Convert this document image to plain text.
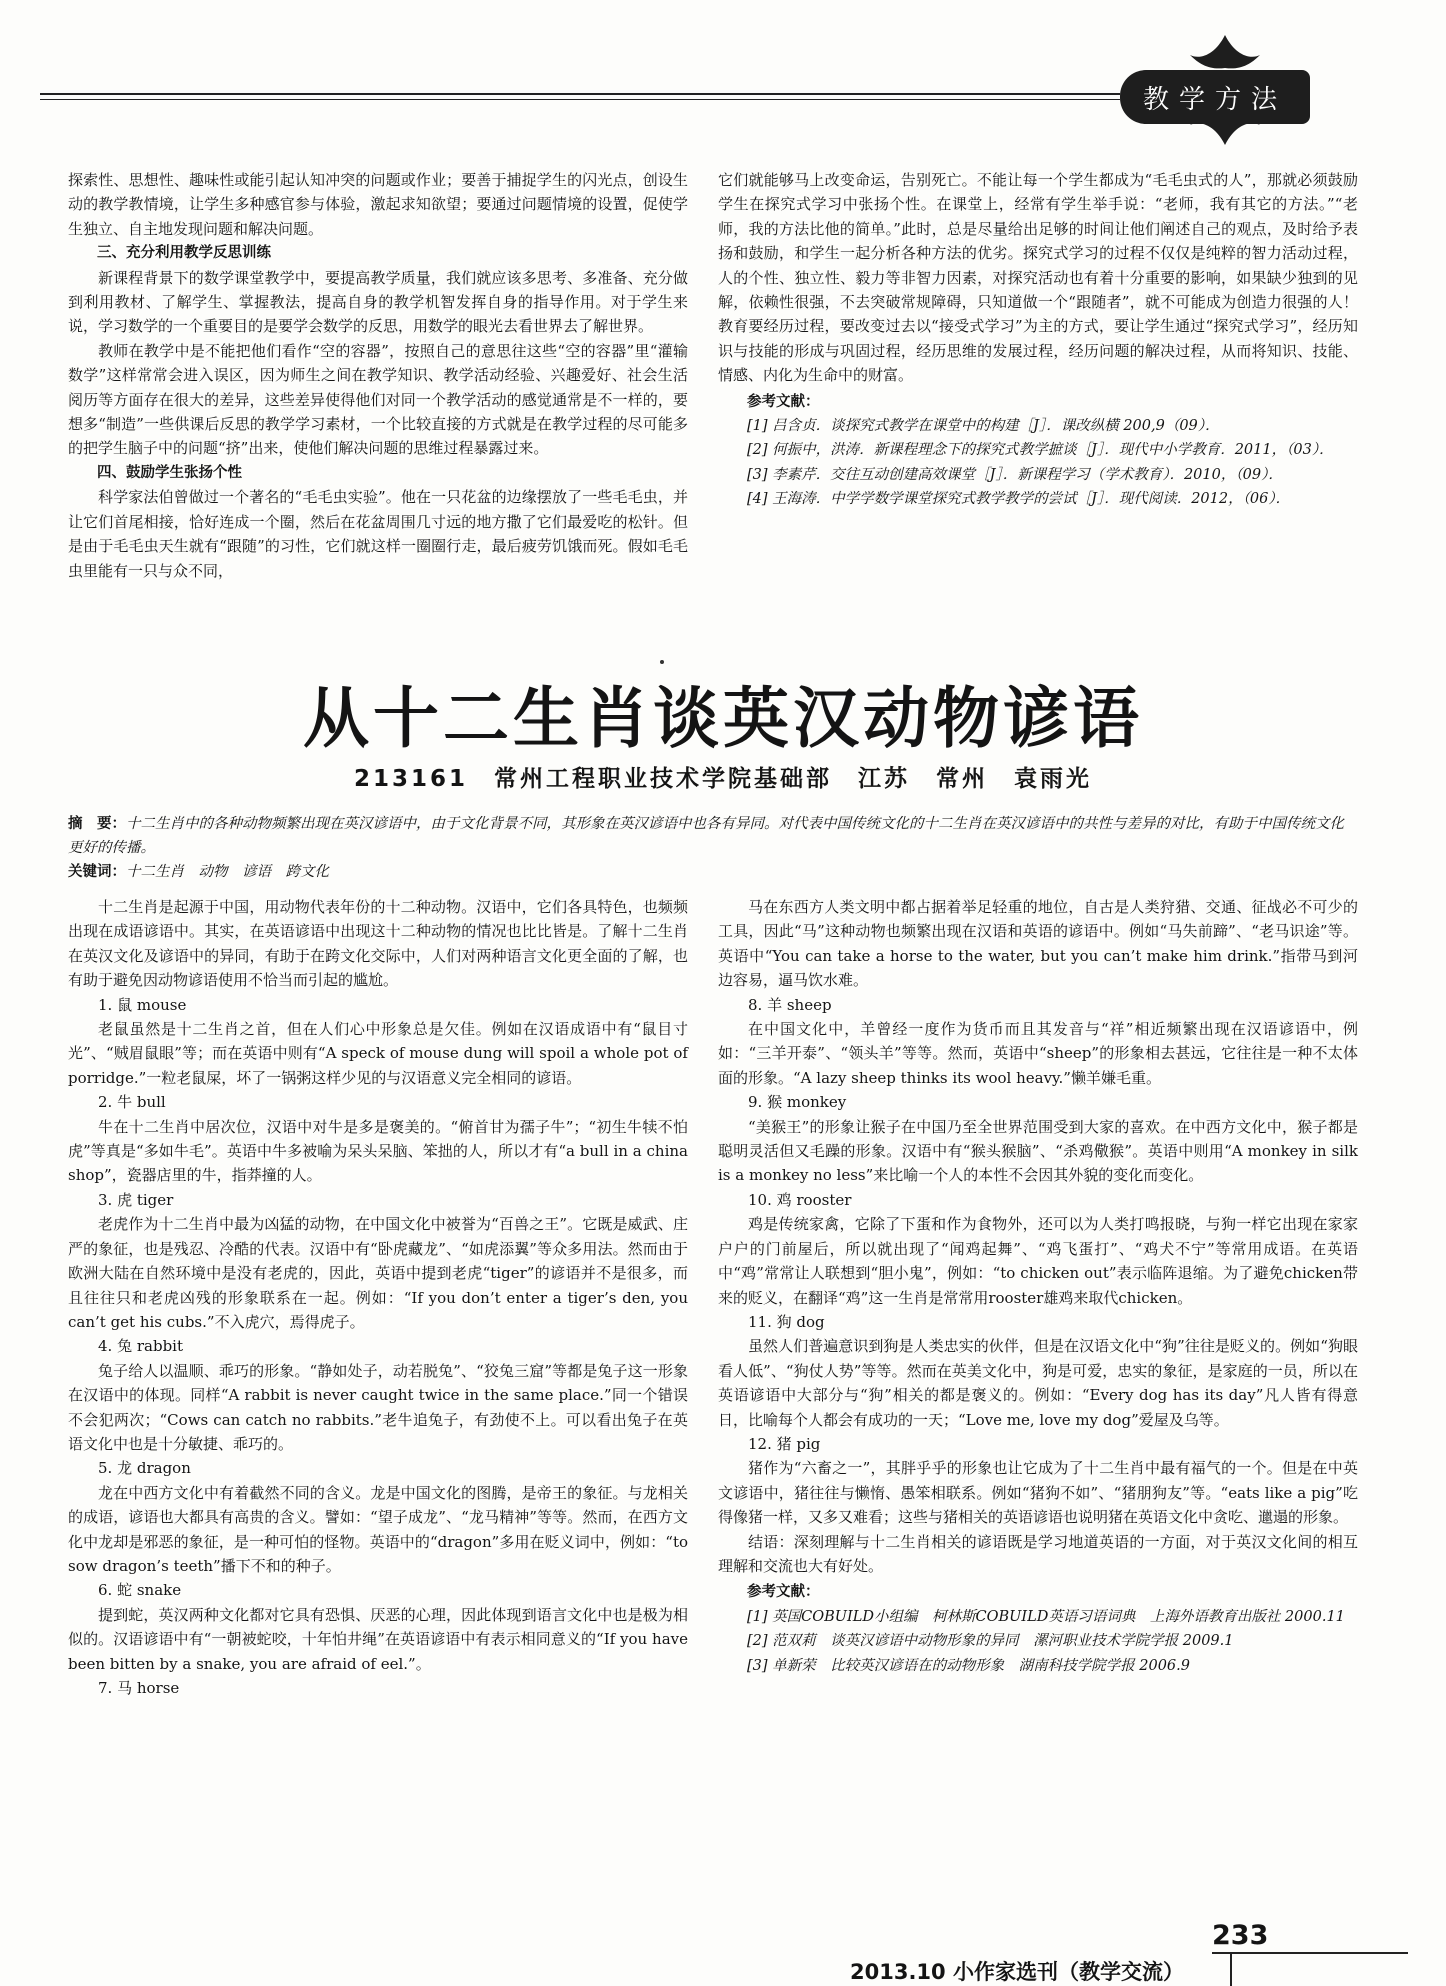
教学方法

探索性、思想性、趣味性或能引起认知冲突的问题或作业；要善于捕捉学生的闪光点，创设生动的教学教情境，让学生多种感官参与体验，激起求知欲望；要通过问题情境的设置，促使学生独立、自主地发现问题和解决问题。

三、充分利用教学反思训练

新课程背景下的数学课堂教学中，要提高教学质量，我们就应该多思考、多准备、充分做到利用教材、了解学生、掌握教法，提高自身的教学机智发挥自身的指导作用。对于学生来说，学习数学的一个重要目的是要学会数学的反思，用数学的眼光去看世界去了解世界。

教师在教学中是不能把他们看作“空的容器”，按照自己的意思往这些“空的容器”里“灌输数学”这样常常会进入误区，因为师生之间在教学知识、教学活动经验、兴趣爱好、社会生活阅历等方面存在很大的差异，这些差异使得他们对同一个教学活动的感觉通常是不一样的，要想多“制造”一些供课后反思的教学学习素材，一个比较直接的方式就是在教学过程的尽可能多的把学生脑子中的问题“挤”出来，使他们解决问题的思维过程暴露过来。

四、鼓励学生张扬个性

科学家法伯曾做过一个著名的“毛毛虫实验”。他在一只花盆的边缘摆放了一些毛毛虫，并让它们首尾相接，恰好连成一个圈，然后在花盆周围几寸远的地方撒了它们最爱吃的松针。但是由于毛毛虫天生就有“跟随”的习性，它们就这样一圈圈行走，最后疲劳饥饿而死。假如毛毛虫里能有一只与众不同，

它们就能够马上改变命运，告别死亡。不能让每一个学生都成为“毛毛虫式的人”，那就必须鼓励学生在探究式学习中张扬个性。在课堂上，经常有学生举手说：“老师，我有其它的方法。”“老师，我的方法比他的简单。”此时，总是尽量给出足够的时间让他们阐述自己的观点，及时给予表扬和鼓励，和学生一起分析各种方法的优劣。探究式学习的过程不仅仅是纯粹的智力活动过程，人的个性、独立性、毅力等非智力因素，对探究活动也有着十分重要的影响，如果缺少独到的见解，依赖性很强，不去突破常规障碍，只知道做一个“跟随者”，就不可能成为创造力很强的人！教育要经历过程，要改变过去以“接受式学习”为主的方式，要让学生通过“探究式学习”，经历知识与技能的形成与巩固过程，经历思维的发展过程，经历问题的解决过程，从而将知识、技能、情感、内化为生命中的财富。

参考文献：

[1] 吕含贞．谈探究式教学在课堂中的构建［J］．课改纵横 200,9（09）．

[2] 何振中，洪涛．新课程理念下的探究式教学摭谈［J］．现代中小学教育．2011，（03）．

[3] 李素芹．交往互动创建高效课堂［J］．新课程学习（学术教育）．2010，（09）．

[4] 王海涛．中学学数学课堂探究式教学教学的尝试［J］．现代阅读．2012，（06）．

从十二生肖谈英汉动物谚语
213161　常州工程职业技术学院基础部　江苏　常州　袁雨光

摘　要：十二生肖中的各种动物频繁出现在英汉谚语中，由于文化背景不同，其形象在英汉谚语中也各有异同。对代表中国传统文化的十二生肖在英汉谚语中的共性与差异的对比，有助于中国传统文化更好的传播。

关键词：十二生肖　动物　谚语　跨文化

十二生肖是起源于中国，用动物代表年份的十二种动物。汉语中，它们各具特色，也频频出现在成语谚语中。其实，在英语谚语中出现这十二种动物的情况也比比皆是。了解十二生肖在英汉文化及谚语中的异同，有助于在跨文化交际中，人们对两种语言文化更全面的了解，也有助于避免因动物谚语使用不恰当而引起的尴尬。

1. 鼠 mouse

老鼠虽然是十二生肖之首，但在人们心中形象总是欠佳。例如在汉语成语中有“鼠目寸光”、“贼眉鼠眼”等；而在英语中则有“A speck of mouse dung will spoil a whole pot of porridge.”一粒老鼠屎，坏了一锅粥这样少见的与汉语意义完全相同的谚语。

2. 牛 bull

牛在十二生肖中居次位，汉语中对牛是多是褒美的。“俯首甘为孺子牛”；“初生牛犊不怕虎”等真是“多如牛毛”。英语中牛多被喻为呆头呆脑、笨拙的人，所以才有“a bull in a china shop”，瓷器店里的牛，指莽撞的人。

3. 虎 tiger

老虎作为十二生肖中最为凶猛的动物，在中国文化中被誉为“百兽之王”。它既是威武、庄严的象征，也是残忍、冷酷的代表。汉语中有“卧虎藏龙”、“如虎添翼”等众多用法。然而由于欧洲大陆在自然环境中是没有老虎的，因此，英语中提到老虎“tiger”的谚语并不是很多，而且往往只和老虎凶残的形象联系在一起。例如：“If you don’t enter a tiger’s den, you can’t get his cubs.”不入虎穴，焉得虎子。

4. 兔 rabbit

兔子给人以温顺、乖巧的形象。“静如处子，动若脱兔”、“狡兔三窟”等都是兔子这一形象在汉语中的体现。同样“A rabbit is never caught twice in the same place.”同一个错误不会犯两次；“Cows can catch no rabbits.”老牛追兔子，有劲使不上。可以看出兔子在英语文化中也是十分敏捷、乖巧的。

5. 龙 dragon

龙在中西方文化中有着截然不同的含义。龙是中国文化的图腾，是帝王的象征。与龙相关的成语，谚语也大都具有高贵的含义。譬如：“望子成龙”、“龙马精神”等等。然而，在西方文化中龙却是邪恶的象征，是一种可怕的怪物。英语中的“dragon”多用在贬义词中，例如：“to sow dragon’s teeth”播下不和的种子。

6. 蛇 snake

提到蛇，英汉两种文化都对它具有恐惧、厌恶的心理，因此体现到语言文化中也是极为相似的。汉语谚语中有“一朝被蛇咬，十年怕井绳”在英语谚语中有表示相同意义的“If you have been bitten by a snake, you are afraid of eel.”。

7. 马 horse

马在东西方人类文明中都占据着举足轻重的地位，自古是人类狩猎、交通、征战必不可少的工具，因此“马”这种动物也频繁出现在汉语和英语的谚语中。例如“马失前蹄”、“老马识途”等。英语中“You can take a horse to the water, but you can’t make him drink.”指带马到河边容易，逼马饮水难。

8. 羊 sheep

在中国文化中，羊曾经一度作为货币而且其发音与“祥”相近频繁出现在汉语谚语中，例如：“三羊开泰”、“领头羊”等等。然而，英语中“sheep”的形象相去甚远，它往往是一种不太体面的形象。“A lazy sheep thinks its wool heavy.”懒羊嫌毛重。

9. 猴 monkey

“美猴王”的形象让猴子在中国乃至全世界范围受到大家的喜欢。在中西方文化中，猴子都是聪明灵活但又毛躁的形象。汉语中有“猴头猴脑”、“杀鸡儆猴”。英语中则用“A monkey in silk is a monkey no less”来比喻一个人的本性不会因其外貌的变化而变化。

10. 鸡 rooster

鸡是传统家禽，它除了下蛋和作为食物外，还可以为人类打鸣报晓，与狗一样它出现在家家户户的门前屋后，所以就出现了“闻鸡起舞”、“鸡飞蛋打”、“鸡犬不宁”等常用成语。在英语中“鸡”常常让人联想到“胆小鬼”，例如：“to chicken out”表示临阵退缩。为了避免chicken带来的贬义，在翻译“鸡”这一生肖是常常用rooster雄鸡来取代chicken。

11. 狗 dog

虽然人们普遍意识到狗是人类忠实的伙伴，但是在汉语文化中“狗”往往是贬义的。例如“狗眼看人低”、“狗仗人势”等等。然而在英美文化中，狗是可爱，忠实的象征，是家庭的一员，所以在英语谚语中大部分与“狗”相关的都是褒义的。例如：“Every dog has its day”凡人皆有得意日，比喻每个人都会有成功的一天；“Love me, love my dog”爱屋及乌等。

12. 猪 pig

猪作为“六畜之一”，其胖乎乎的形象也让它成为了十二生肖中最有福气的一个。但是在中英文谚语中，猪往往与懒惰、愚笨相联系。例如“猪狗不如”、“猪朋狗友”等。“eats like a pig”吃得像猪一样，又多又难看；这些与猪相关的英语谚语也说明猪在英语文化中贪吃、邋遢的形象。

结语：深刻理解与十二生肖相关的谚语既是学习地道英语的一方面，对于英汉文化间的相互理解和交流也大有好处。

参考文献：

[1] 英国COBUILD小组编　柯林斯COBUILD英语习语词典　上海外语教育出版社 2000.11

[2] 范双莉　谈英汉谚语中动物形象的异同　漯河职业技术学院学报 2009.1

[3] 单新荣　比较英汉谚语在的动物形象　湖南科技学院学报 2006.9

233
2013.10 小作家选刊（教学交流）
